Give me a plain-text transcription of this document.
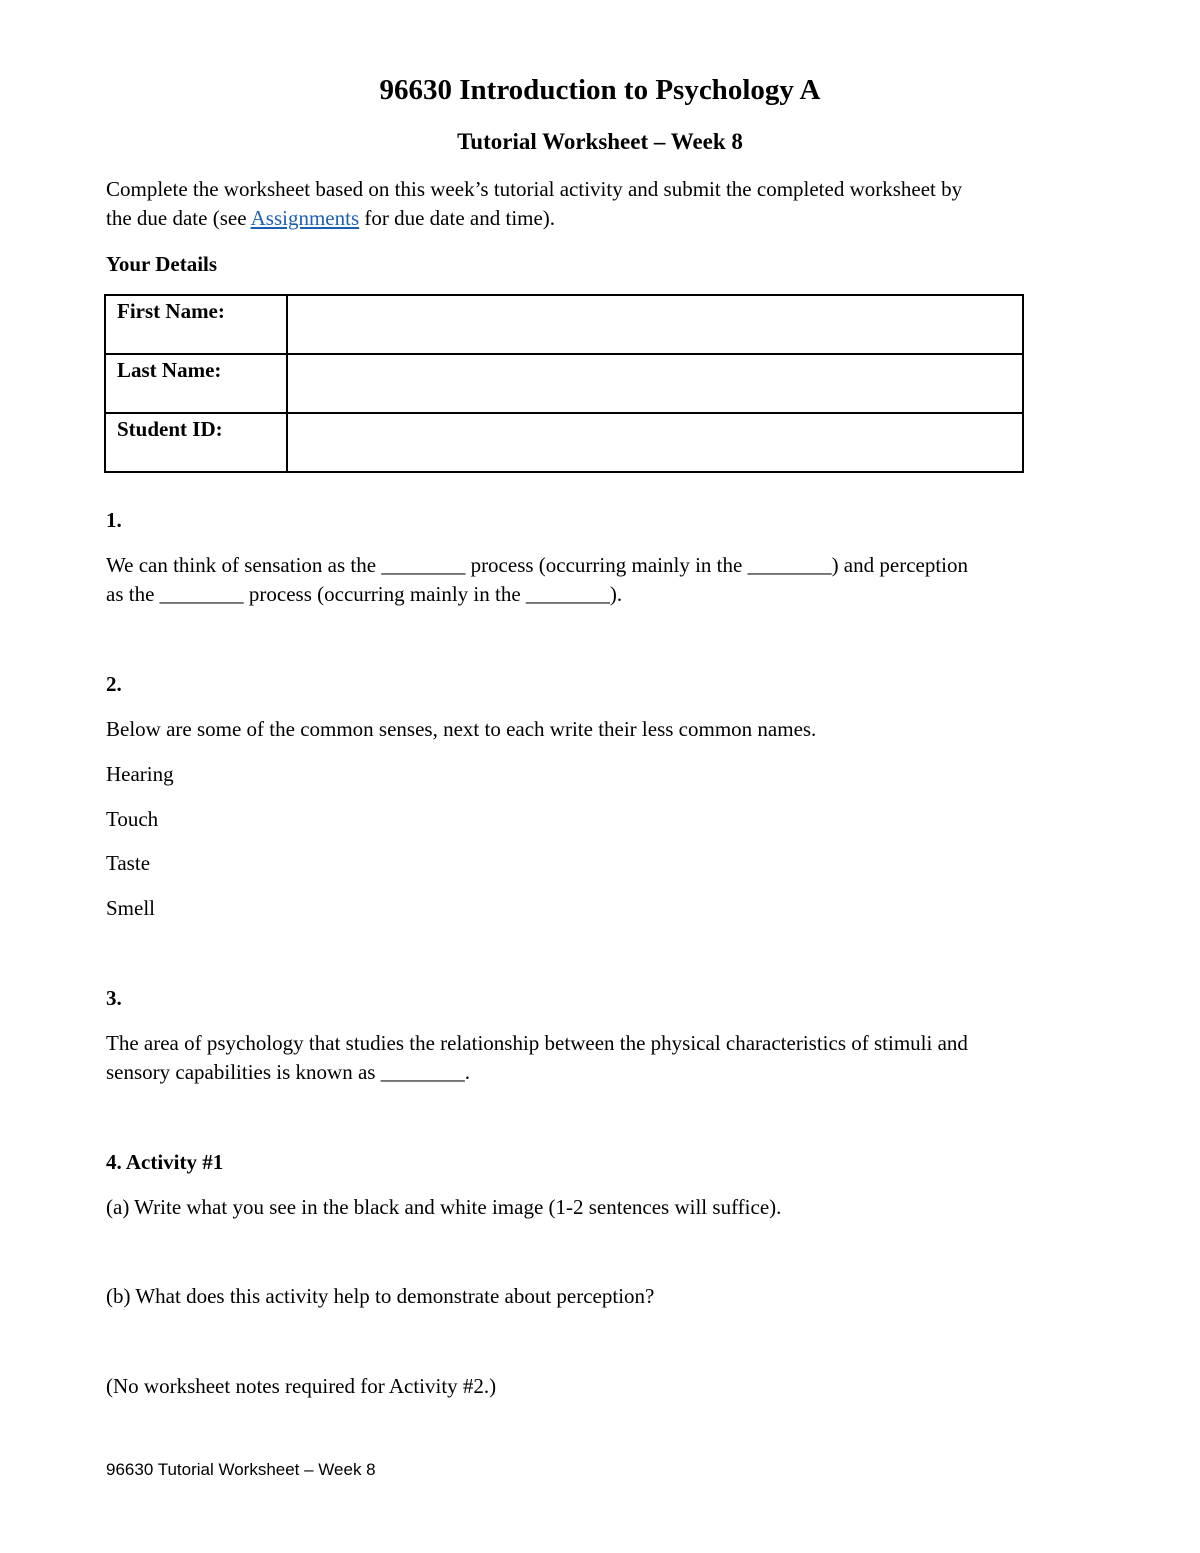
96630 Introduction to Psychology A
Tutorial Worksheet – Week 8
Complete the worksheet based on this week’s tutorial activity and submit the completed worksheet by
the due date (see Assignments for due date and time).
Your Details
First Name:	
Last Name:	
Student ID:	
1.
We can think of sensation as the ________ process (occurring mainly in the ________) and perception
as the ________ process (occurring mainly in the ________).
2.
Below are some of the common senses, next to each write their less common names.
Hearing
Touch
Taste
Smell
3.
The area of psychology that studies the relationship between the physical characteristics of stimuli and
sensory capabilities is known as ________.
4. Activity #1
(a) Write what you see in the black and white image (1-2 sentences will suffice).
(b) What does this activity help to demonstrate about perception?
(No worksheet notes required for Activity #2.)
96630 Tutorial Worksheet – Week 8
